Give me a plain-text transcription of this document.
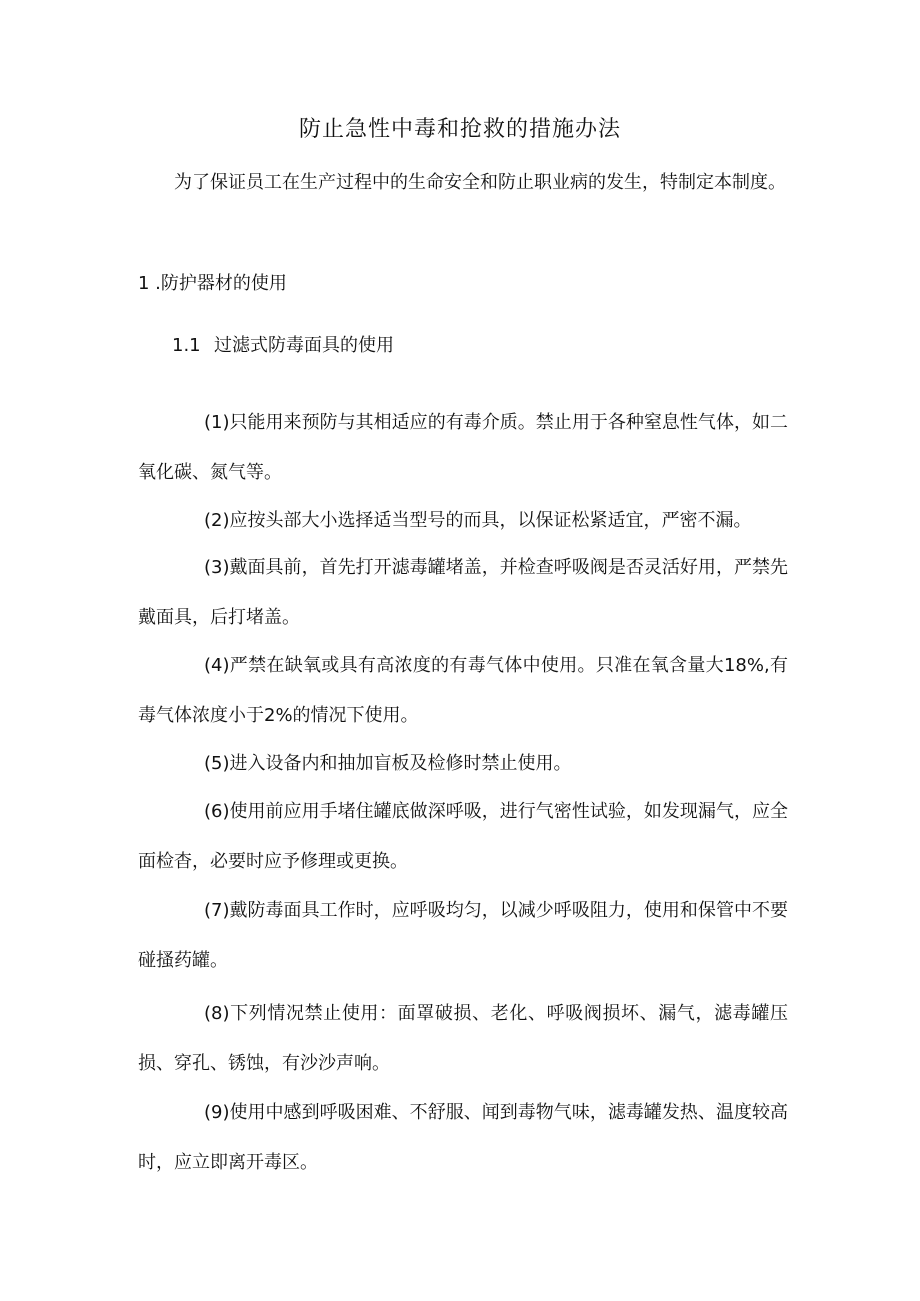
防止急性中毒和抢救的措施办法

为了保证员工在生产过程中的生命安全和防止职业病的发生，特制定本制度。

1 .防护器材的使用

1.1 过滤式防毒面具的使用

(1)只能用来预防与其相适应的有毒介质。禁止用于各种窒息性气体，如二氧化碳、氮气等。

(2)应按头部大小选择适当型号的而具，以保证松紧适宜，严密不漏。

(3)戴面具前，首先打开滤毒罐堵盖，并检查呼吸阀是否灵活好用，严禁先戴面具，后打堵盖。

(4)严禁在缺氧或具有高浓度的有毒气体中使用。只准在氧含量大18%,有毒气体浓度小于2%的情况下使用。

(5)进入设备内和抽加盲板及检修时禁止使用。

(6)使用前应用手堵住罐底做深呼吸，进行气密性试验，如发现漏气，应全面检杳，必要时应予修理或更换。

(7)戴防毒面具工作时，应呼吸均匀，以减少呼吸阻力，使用和保管中不要碰搔药罐。

(8)下列情况禁止使用：面罩破损、老化、呼吸阀损坏、漏气，滤毒罐压损、穿孔、锈蚀，有沙沙声响。

(9)使用中感到呼吸困难、不舒服、闻到毒物气味，滤毒罐发热、温度较高时，应立即离开毒区。
